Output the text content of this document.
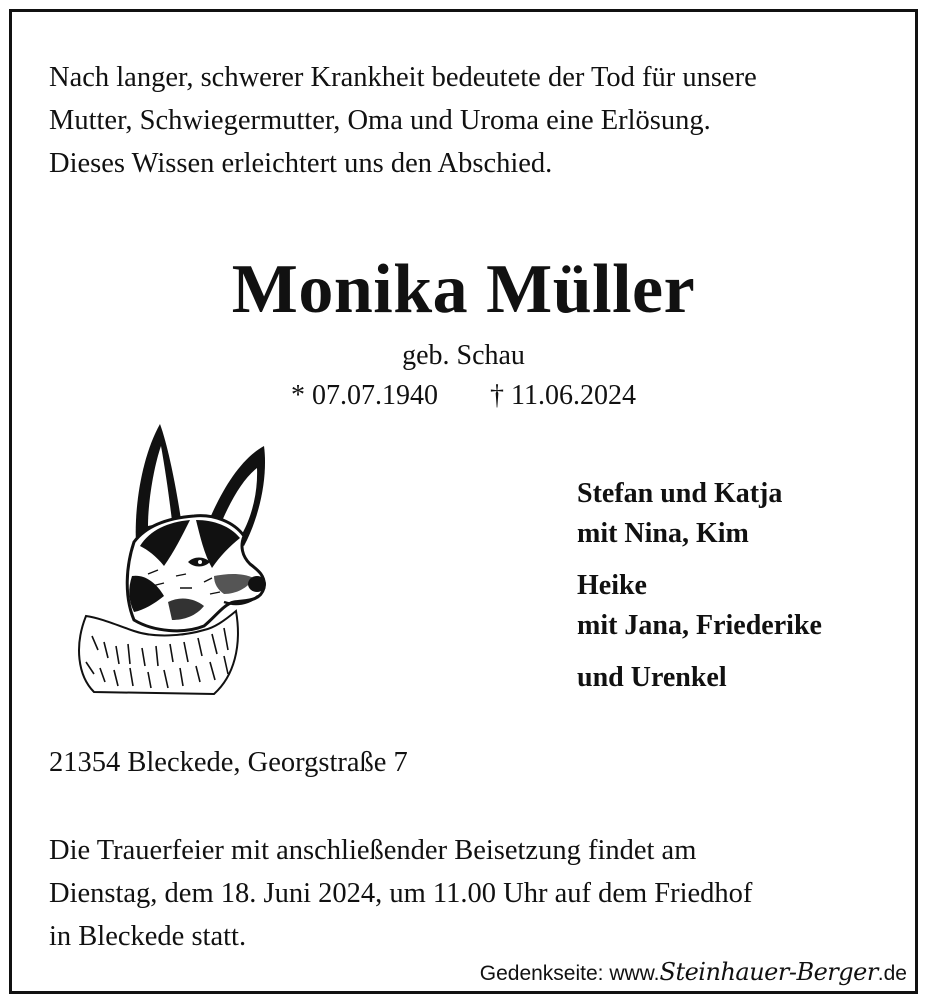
Nach langer, schwerer Krankheit bedeutete der Tod für unsere
Mutter, Schwiegermutter, Oma und Uroma eine Erlösung.
Dieses Wissen erleichtert uns den Abschied.
Monika Müller
geb. Schau
* 07.07.1940 † 11.06.2024
Stefan und Katja
mit Nina, Kim
Heike
mit Jana, Friederike
und Urenkel
21354 Bleckede, Georgstraße 7
Die Trauerfeier mit anschließender Beisetzung findet am
Dienstag, dem 18. Juni 2024, um 11.00 Uhr auf dem Friedhof
in Bleckede statt.
Gedenkseite: www.Steinhauer-Berger.de
